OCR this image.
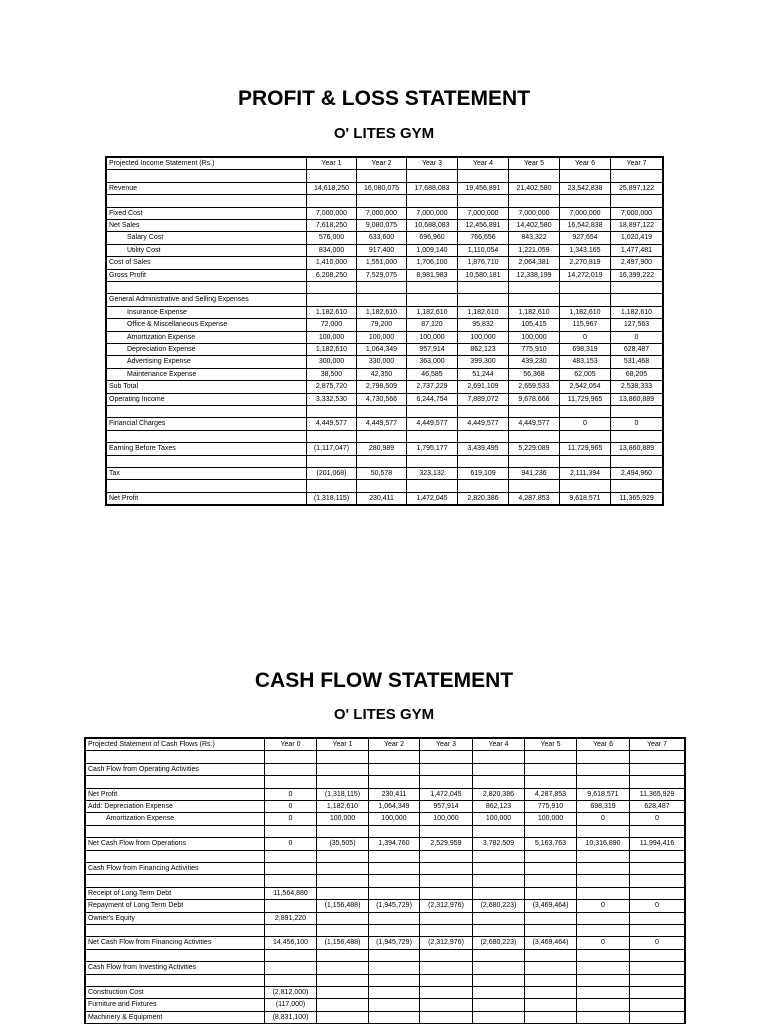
PROFIT & LOSS STATEMENT
O' LITES GYM
Projected Income Statement (Rs.)	Year 1	Year 2	Year 3	Year 4	Year 5	Year 6	Year 7

Revenue	14,618,250	16,080,075	17,688,083	19,456,891	21,402,580	23,542,838	25,897,122

Fixed Cost	7,000,000	7,000,000	7,000,000	7,000,000	7,000,000	7,000,000	7,000,000
Net Sales	7,618,250	9,080,075	10,688,083	12,456,891	14,402,580	16,542,838	18,897,122
Salary Cost	576,000	633,600	696,960	766,656	843,322	927,654	1,020,419
Utility Cost	834,000	917,400	1,009,140	1,110,054	1,221,059	1,343,165	1,477,481
Cost of Sales	1,410,000	1,551,000	1,706,100	1,876,710	2,064,381	2,270,819	2,497,900
Gross Profit	6,208,250	7,529,075	8,981,983	10,580,181	12,338,199	14,272,019	16,399,222

General Administrative and Selling Expenses							
Insurance Expense	1,182,610	1,182,610	1,182,610	1,182,610	1,182,610	1,182,610	1,182,610
Office & Miscellaneous Expense	72,000	79,200	87,120	95,832	105,415	115,967	127,563
Amortization Expense	100,000	100,000	100,000	100,000	100,000	0	0
Depreciation Expense	1,182,610	1,064,349	957,914	862,123	775,910	698,319	628,487
Advertising Expense	300,000	330,000	363,000	399,300	439,230	483,153	531,468
Maintenance Expense	38,500	42,350	46,585	51,244	56,368	62,005	68,205
Sub Total	2,875,720	2,798,509	2,737,229	2,691,109	2,659,533	2,542,054	2,538,333
Operating Income	3,332,530	4,730,566	6,244,754	7,889,072	9,678,666	11,729,965	13,860,889

Financial Charges	4,449,577	4,449,577	4,449,577	4,449,577	4,449,577	0	0

Earning Before Taxes	(1,117,047)	280,989	1,795,177	3,439,495	5,229,089	11,729,965	13,860,889

Tax	(201,068)	50,578	323,132	619,109	941,236	2,111,394	2,494,960

Net Profit	(1,318,115)	230,411	1,472,045	2,820,386	4,287,853	9,618,571	11,365,929
CASH FLOW STATEMENT
O' LITES GYM
Projected Statement of Cash Flows (Rs.)	Year 0	Year 1	Year 2	Year 3	Year 4	Year 5	Year 6	Year 7

Cash Flow from Operating Activities								

Net Profit	0	(1,318,115)	230,411	1,472,045	2,820,386	4,287,853	9,618,571	11,365,929
Add: Depreciation Expense	0	1,182,610	1,064,349	957,914	862,123	775,910	698,319	628,487
Amortization Expense	0	100,000	100,000	100,000	100,000	100,000	0	0

Net Cash Flow from Operations	0	(35,505)	1,394,760	2,529,959	3,782,509	5,163,763	10,316,890	11,994,416

Cash Flow from Financing Activities								

Receipt of Long Term Debt	11,564,880							
Repayment of Long Term Debt		(1,156,488)	(1,945,729)	(2,312,976)	(2,680,223)	(3,469,464)	0	0
Owner's Equity	2,891,220							

Net Cash Flow from Financing Activities	14,456,100	(1,156,488)	(1,945,729)	(2,312,976)	(2,680,223)	(3,469,464)	0	0

Cash Flow from Investing Activities								

Construction Cost	(2,812,000)							
Furniture and Fixtures	(117,000)							
Machinery & Equipment	(8,831,100)							
